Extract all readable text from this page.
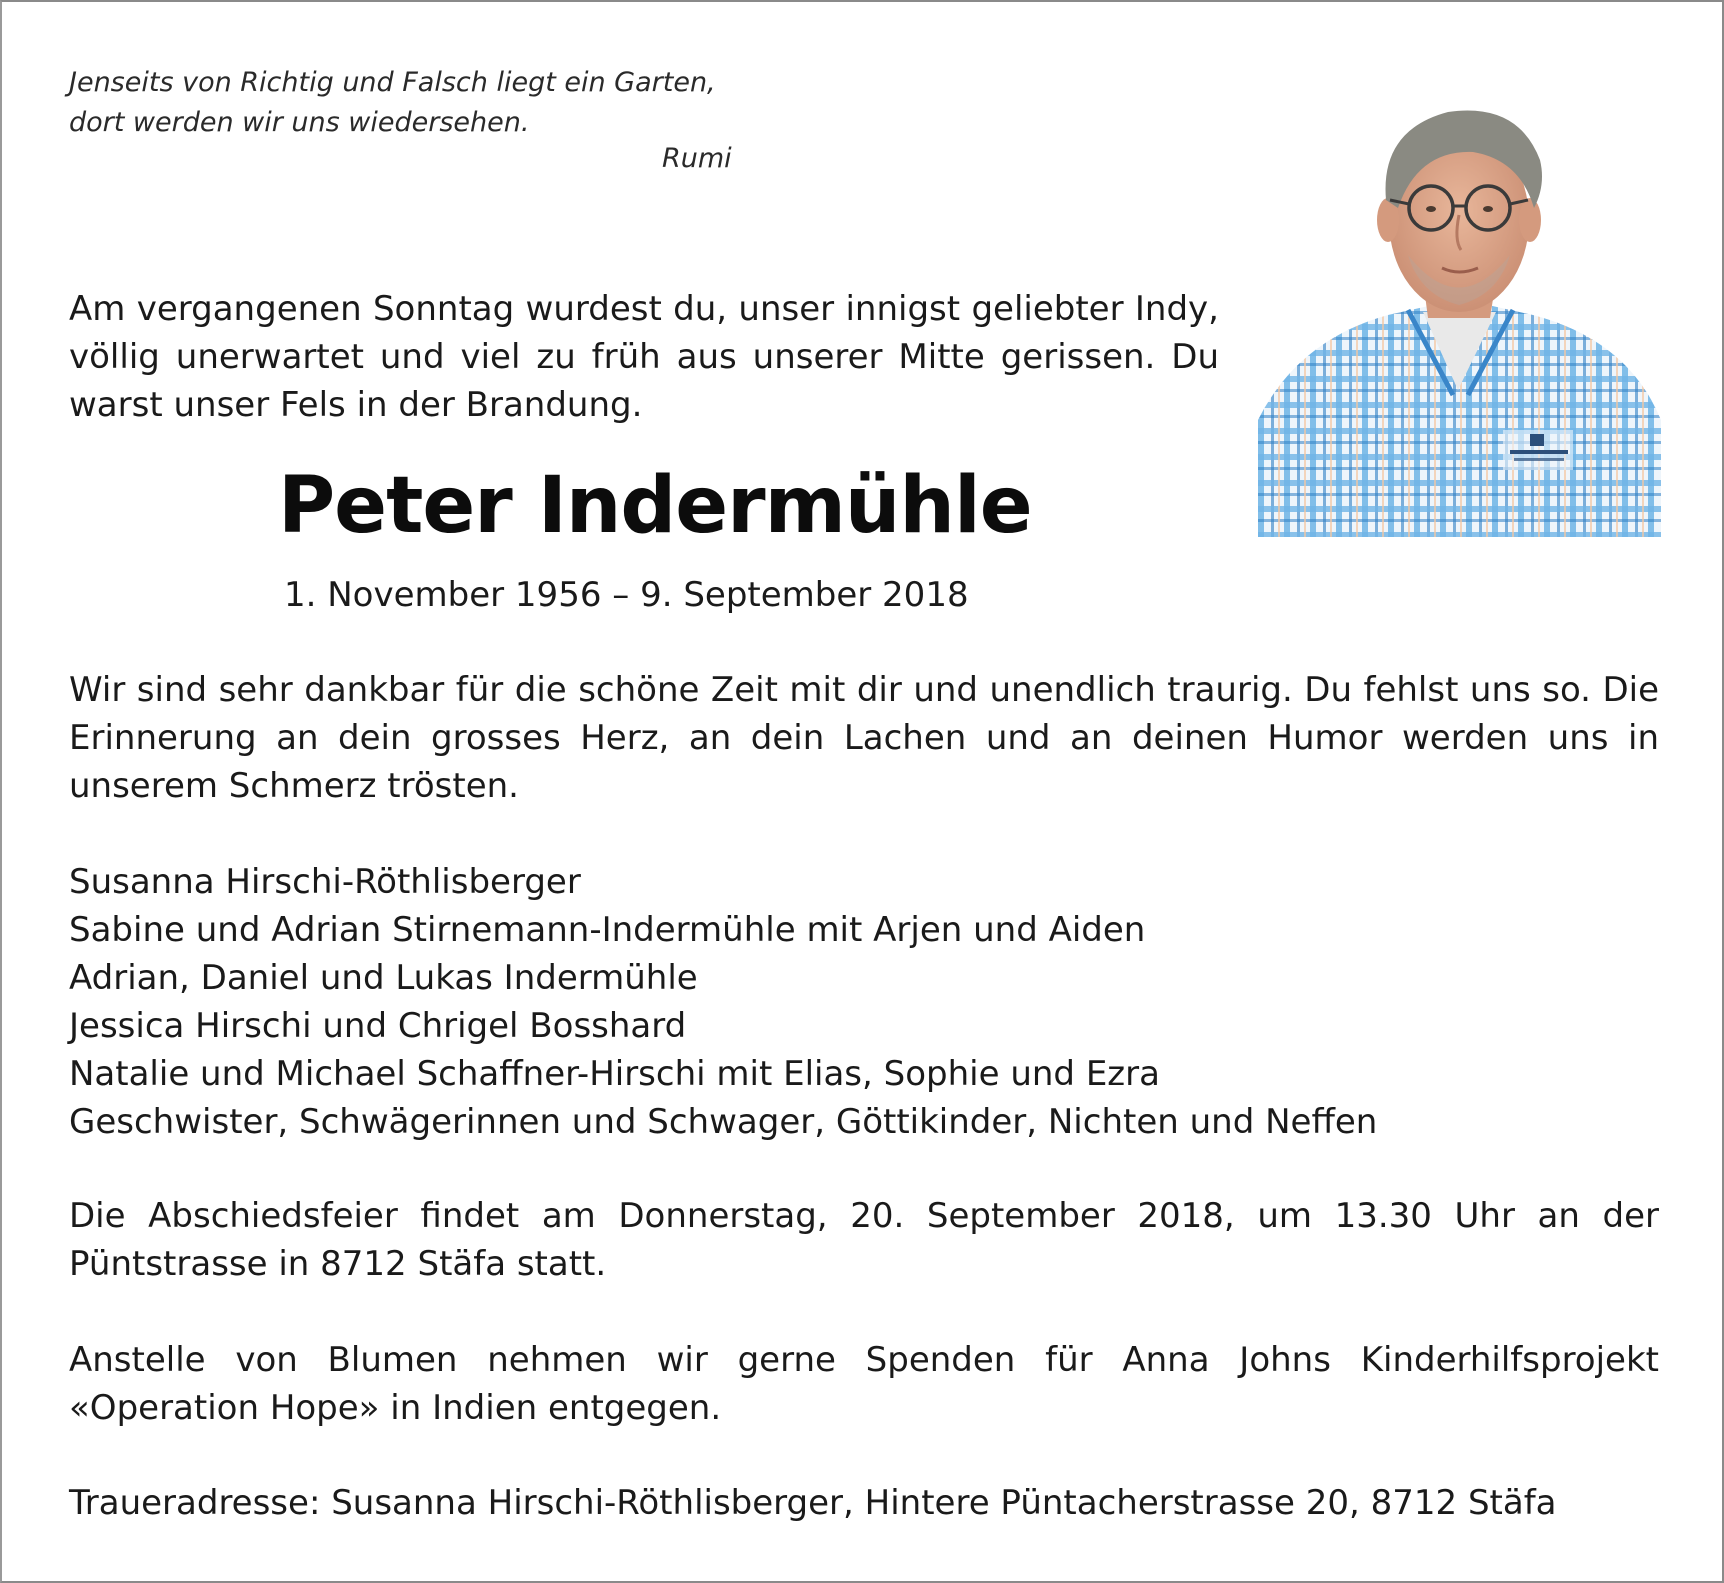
Jenseits von Richtig und Falsch liegt ein Garten,
dort werden wir uns wiedersehen.

Rumi

Am vergangenen Sonntag wurdest du, unser innigst geliebter Indy, völlig unerwartet und viel zu früh aus unserer Mitte gerissen. Du warst unser Fels in der Brandung.

Peter Indermühle

1. November 1956 – 9. September 2018

Wir sind sehr dankbar für die schöne Zeit mit dir und unendlich traurig. Du fehlst uns so. Die Erinnerung an dein grosses Herz, an dein Lachen und an deinen Humor werden uns in unserem Schmerz trösten.

Susanna Hirschi-Röthlisberger
Sabine und Adrian Stirnemann-Indermühle mit Arjen und Aiden
Adrian, Daniel und Lukas Indermühle
Jessica Hirschi und Chrigel Bosshard
Natalie und Michael Schaffner-Hirschi mit Elias, Sophie und Ezra
Geschwister, Schwägerinnen und Schwager, Göttikinder, Nichten und Neffen

Die Abschiedsfeier findet am Donnerstag, 20. September 2018, um 13.30 Uhr an der Püntstrasse in 8712 Stäfa statt.

Anstelle von Blumen nehmen wir gerne Spenden für Anna Johns Kinderhilfsprojekt «Operation Hope» in Indien entgegen.

Traueradresse: Susanna Hirschi-Röthlisberger, Hintere Püntacherstrasse 20, 8712 Stäfa
